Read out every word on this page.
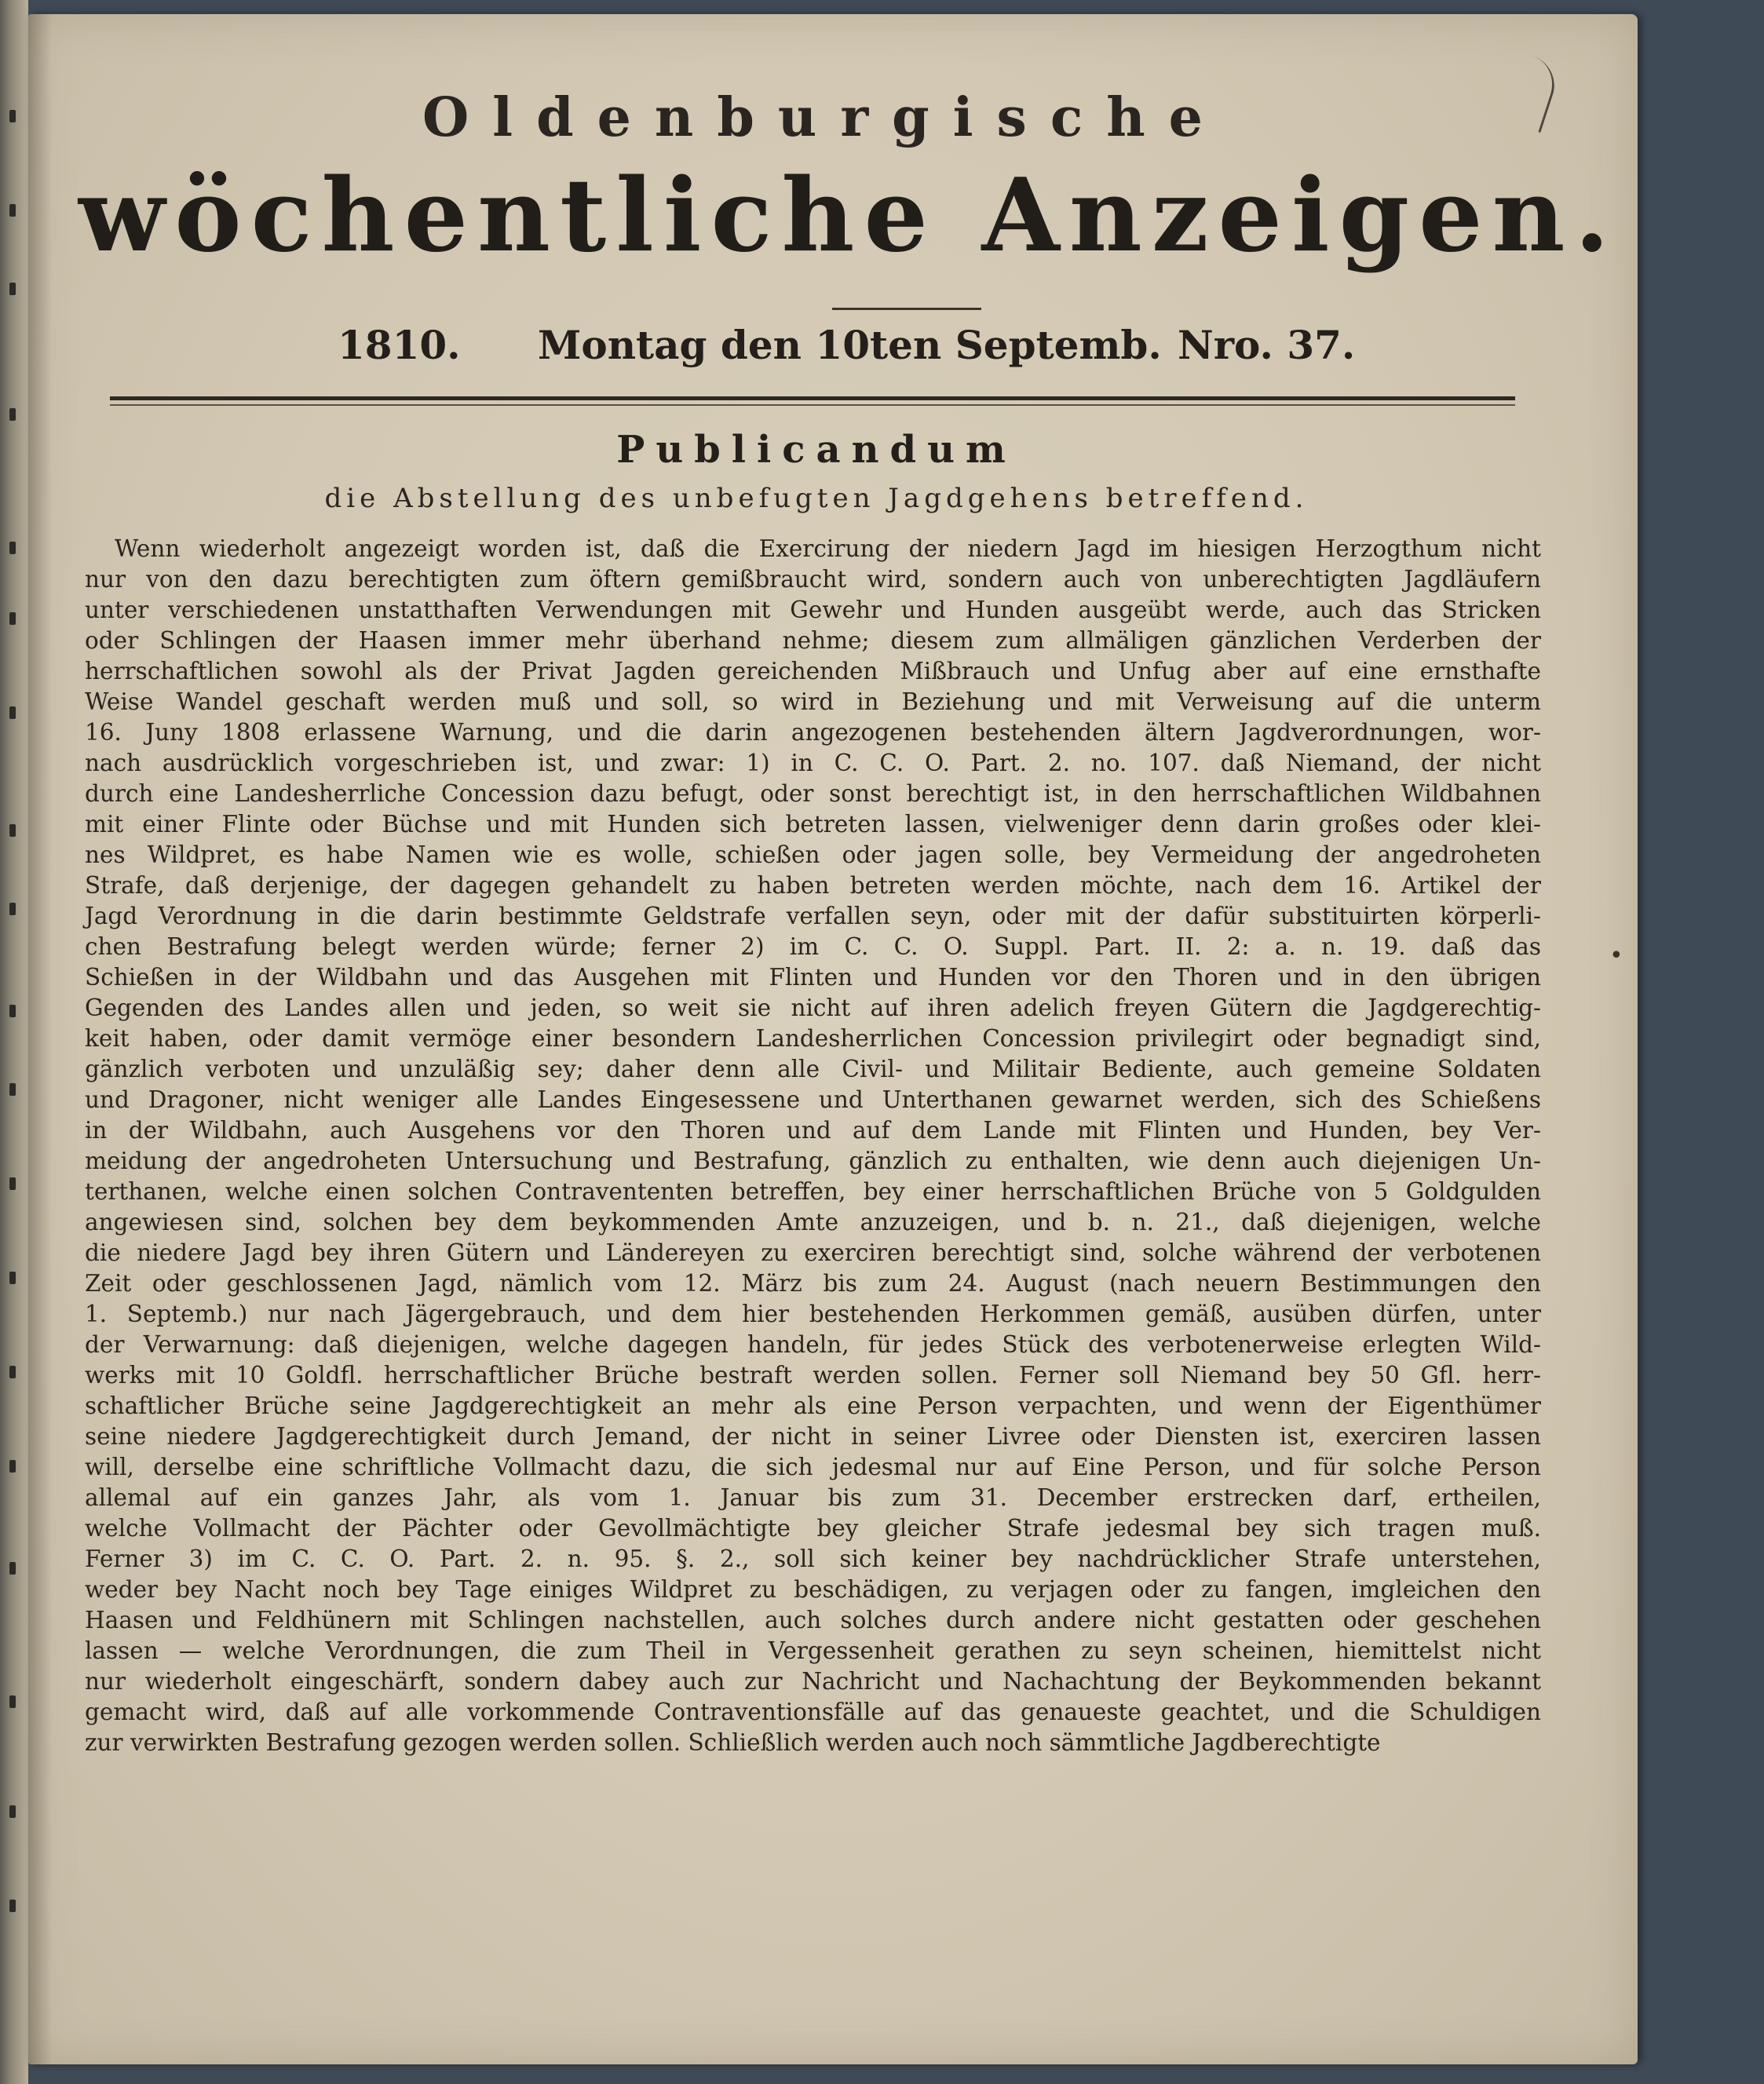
Oldenburgische
wöchentliche Anzeigen.
1810. Montag den 10ten Septemb. Nro. 37.
Publicandum
die Abstellung des unbefugten Jagdgehens betreffend.
Wenn wiederholt angezeigt worden ist, daß die Exercirung der niedern Jagd im hiesigen Herzogthum nicht
nur von den dazu berechtigten zum öftern gemißbraucht wird, sondern auch von unberechtigten Jagdläufern
unter verschiedenen unstatthaften Verwendungen mit Gewehr und Hunden ausgeübt werde, auch das Stricken
oder Schlingen der Haasen immer mehr überhand nehme; diesem zum allmäligen gänzlichen Verderben der
herrschaftlichen sowohl als der Privat Jagden gereichenden Mißbrauch und Unfug aber auf eine ernsthafte
Weise Wandel geschaft werden muß und soll, so wird in Beziehung und mit Verweisung auf die unterm
16. Juny 1808 erlassene Warnung, und die darin angezogenen bestehenden ältern Jagdverordnungen, wor-
nach ausdrücklich vorgeschrieben ist, und zwar: 1) in C. C. O. Part. 2. no. 107. daß Niemand, der nicht
durch eine Landesherrliche Concession dazu befugt, oder sonst berechtigt ist, in den herrschaftlichen Wildbahnen
mit einer Flinte oder Büchse und mit Hunden sich betreten lassen, vielweniger denn darin großes oder klei-
nes Wildpret, es habe Namen wie es wolle, schießen oder jagen solle, bey Vermeidung der angedroheten
Strafe, daß derjenige, der dagegen gehandelt zu haben betreten werden möchte, nach dem 16. Artikel der
Jagd Verordnung in die darin bestimmte Geldstrafe verfallen seyn, oder mit der dafür substituirten körperli-
chen Bestrafung belegt werden würde; ferner 2) im C. C. O. Suppl. Part. II. 2: a. n. 19. daß das
Schießen in der Wildbahn und das Ausgehen mit Flinten und Hunden vor den Thoren und in den übrigen
Gegenden des Landes allen und jeden, so weit sie nicht auf ihren adelich freyen Gütern die Jagdgerechtig-
keit haben, oder damit vermöge einer besondern Landesherrlichen Concession privilegirt oder begnadigt sind,
gänzlich verboten und unzuläßig sey; daher denn alle Civil- und Militair Bediente, auch gemeine Soldaten
und Dragoner, nicht weniger alle Landes Eingesessene und Unterthanen gewarnet werden, sich des Schießens
in der Wildbahn, auch Ausgehens vor den Thoren und auf dem Lande mit Flinten und Hunden, bey Ver-
meidung der angedroheten Untersuchung und Bestrafung, gänzlich zu enthalten, wie denn auch diejenigen Un-
terthanen, welche einen solchen Contravententen betreffen, bey einer herrschaftlichen Brüche von 5 Goldgulden
angewiesen sind, solchen bey dem beykommenden Amte anzuzeigen, und b. n. 21., daß diejenigen, welche
die niedere Jagd bey ihren Gütern und Ländereyen zu exerciren berechtigt sind, solche während der verbotenen
Zeit oder geschlossenen Jagd, nämlich vom 12. März bis zum 24. August (nach neuern Bestimmungen den
1. Septemb.) nur nach Jägergebrauch, und dem hier bestehenden Herkommen gemäß, ausüben dürfen, unter
der Verwarnung: daß diejenigen, welche dagegen handeln, für jedes Stück des verbotenerweise erlegten Wild-
werks mit 10 Goldfl. herrschaftlicher Brüche bestraft werden sollen. Ferner soll Niemand bey 50 Gfl. herr-
schaftlicher Brüche seine Jagdgerechtigkeit an mehr als eine Person verpachten, und wenn der Eigenthümer
seine niedere Jagdgerechtigkeit durch Jemand, der nicht in seiner Livree oder Diensten ist, exerciren lassen
will, derselbe eine schriftliche Vollmacht dazu, die sich jedesmal nur auf Eine Person, und für solche Person
allemal auf ein ganzes Jahr, als vom 1. Januar bis zum 31. December erstrecken darf, ertheilen,
welche Vollmacht der Pächter oder Gevollmächtigte bey gleicher Strafe jedesmal bey sich tragen muß.
Ferner 3) im C. C. O. Part. 2. n. 95. §. 2., soll sich keiner bey nachdrücklicher Strafe unterstehen,
weder bey Nacht noch bey Tage einiges Wildpret zu beschädigen, zu verjagen oder zu fangen, imgleichen den
Haasen und Feldhünern mit Schlingen nachstellen, auch solches durch andere nicht gestatten oder geschehen
lassen — welche Verordnungen, die zum Theil in Vergessenheit gerathen zu seyn scheinen, hiemittelst nicht
nur wiederholt eingeschärft, sondern dabey auch zur Nachricht und Nachachtung der Beykommenden bekannt
gemacht wird, daß auf alle vorkommende Contraventionsfälle auf das genaueste geachtet, und die Schuldigen
zur verwirkten Bestrafung gezogen werden sollen. Schließlich werden auch noch sämmtliche Jagdberechtigte
•
